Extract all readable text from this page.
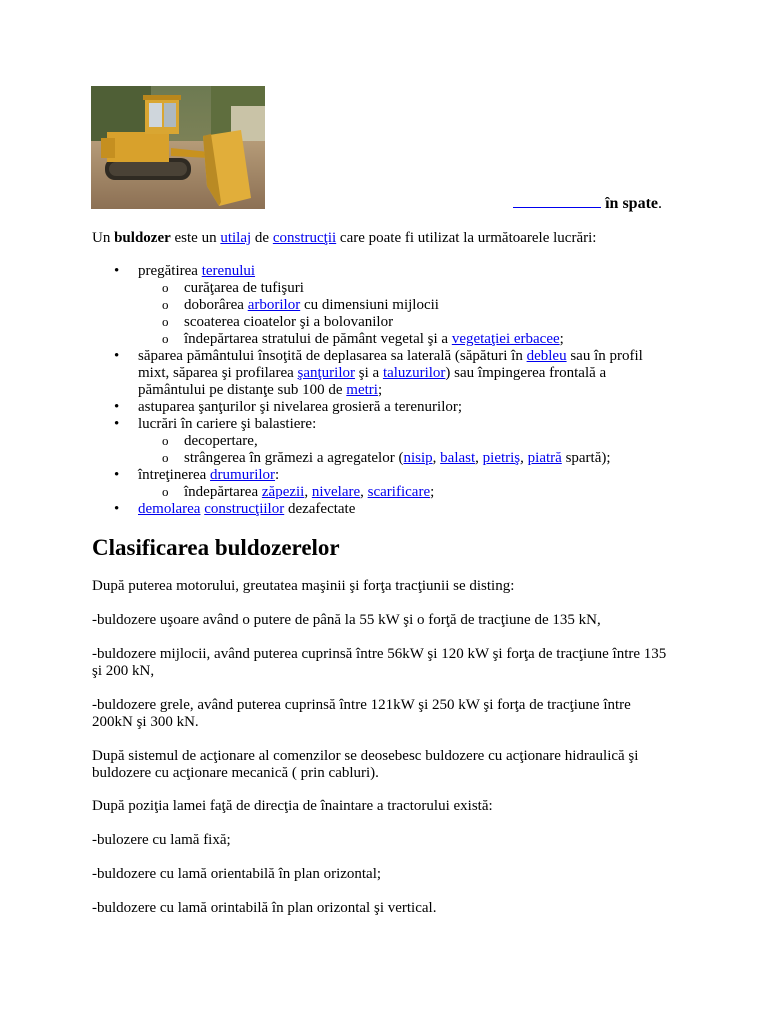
în spate.

Un buldozer este un utilaj de construcţii care poate fi utilizat la următoarele lucrări:

• pregătirea terenului
o curăţarea de tufişuri
o doborârea arborilor cu dimensiuni mijlocii
o scoaterea cioatelor şi a bolovanilor
o îndepărtarea stratului de pământ vegetal şi a vegetaţiei erbacee;
• săparea pământului însoţită de deplasarea sa laterală (săpături în debleu sau în profil mixt, săparea şi profilarea şanţurilor şi a taluzurilor) sau împingerea frontală a pământului pe distanţe sub 100 de metri;
• astuparea şanţurilor şi nivelarea grosieră a terenurilor;
• lucrări în cariere şi balastiere:
o decopertare,
o strângerea în grămezi a agregatelor (nisip, balast, pietriş, piatră spartă);
• întreţinerea drumurilor:
o îndepărtarea zăpezii, nivelare, scarificare;
• demolarea construcţiilor dezafectate
Clasificarea buldozerelor

După puterea motorului, greutatea maşinii şi forţa tracţiunii se disting:

-buldozere uşoare având o putere de până la 55 kW şi o forţă de tracţiune de 135 kN,

-buldozere mijlocii, având puterea cuprinsă între 56kW şi 120 kW şi forţa de tracţiune între 135 şi 200 kN,

-buldozere grele, având puterea cuprinsă între 121kW şi 250 kW şi forţa de tracţiune între 200kN şi 300 kN.

După sistemul de acţionare al comenzilor se deosebesc buldozere cu acţionare hidraulică şi buldozere cu acţionare mecanică ( prin cabluri).

După poziţia lamei faţă de direcţia de înaintare a tractorului există:

-bulozere cu lamă fixă;

-buldozere cu lamă orientabilă în plan orizontal;

-buldozere cu lamă orintabilă în plan orizontal şi vertical.
